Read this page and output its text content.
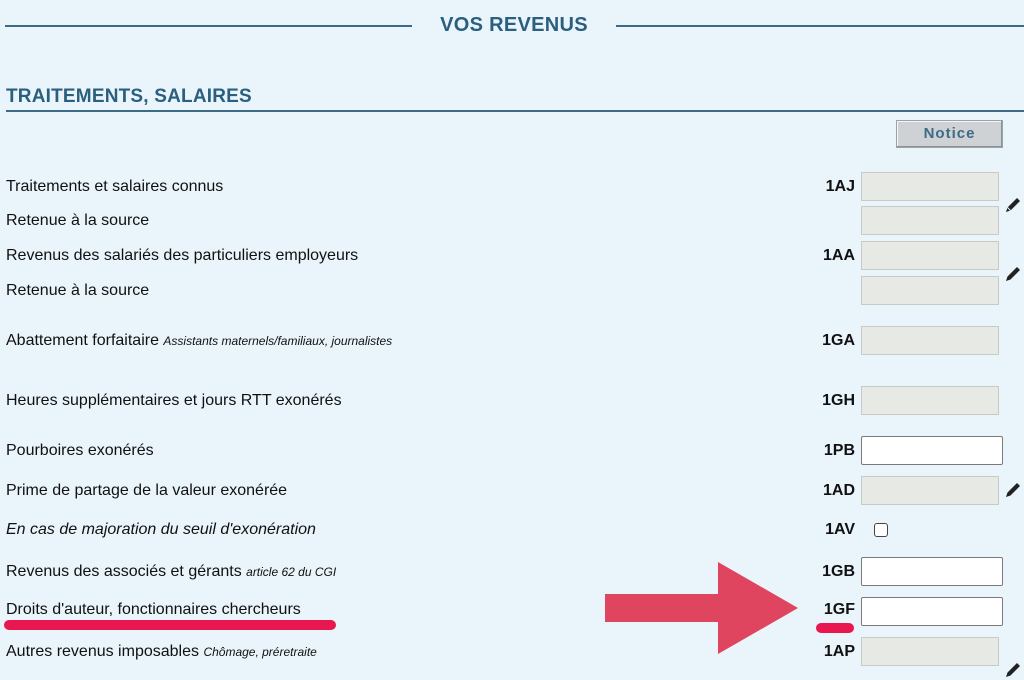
VOS REVENUS
TRAITEMENTS, SALAIRES
Notice
Traitements et salaires connus	1AJ
Retenue à la source
Revenus des salariés des particuliers employeurs	1AA
Retenue à la source
Abattement forfaitaire Assistants maternels/familiaux, journalistes	1GA
Heures supplémentaires et jours RTT exonérés	1GH
Pourboires exonérés	1PB
Prime de partage de la valeur exonérée	1AD
En cas de majoration du seuil d'exonération	1AV
Revenus des associés et gérants article 62 du CGI	1GB
Droits d'auteur, fonctionnaires chercheurs	1GF
Autres revenus imposables Chômage, préretraite	1AP
